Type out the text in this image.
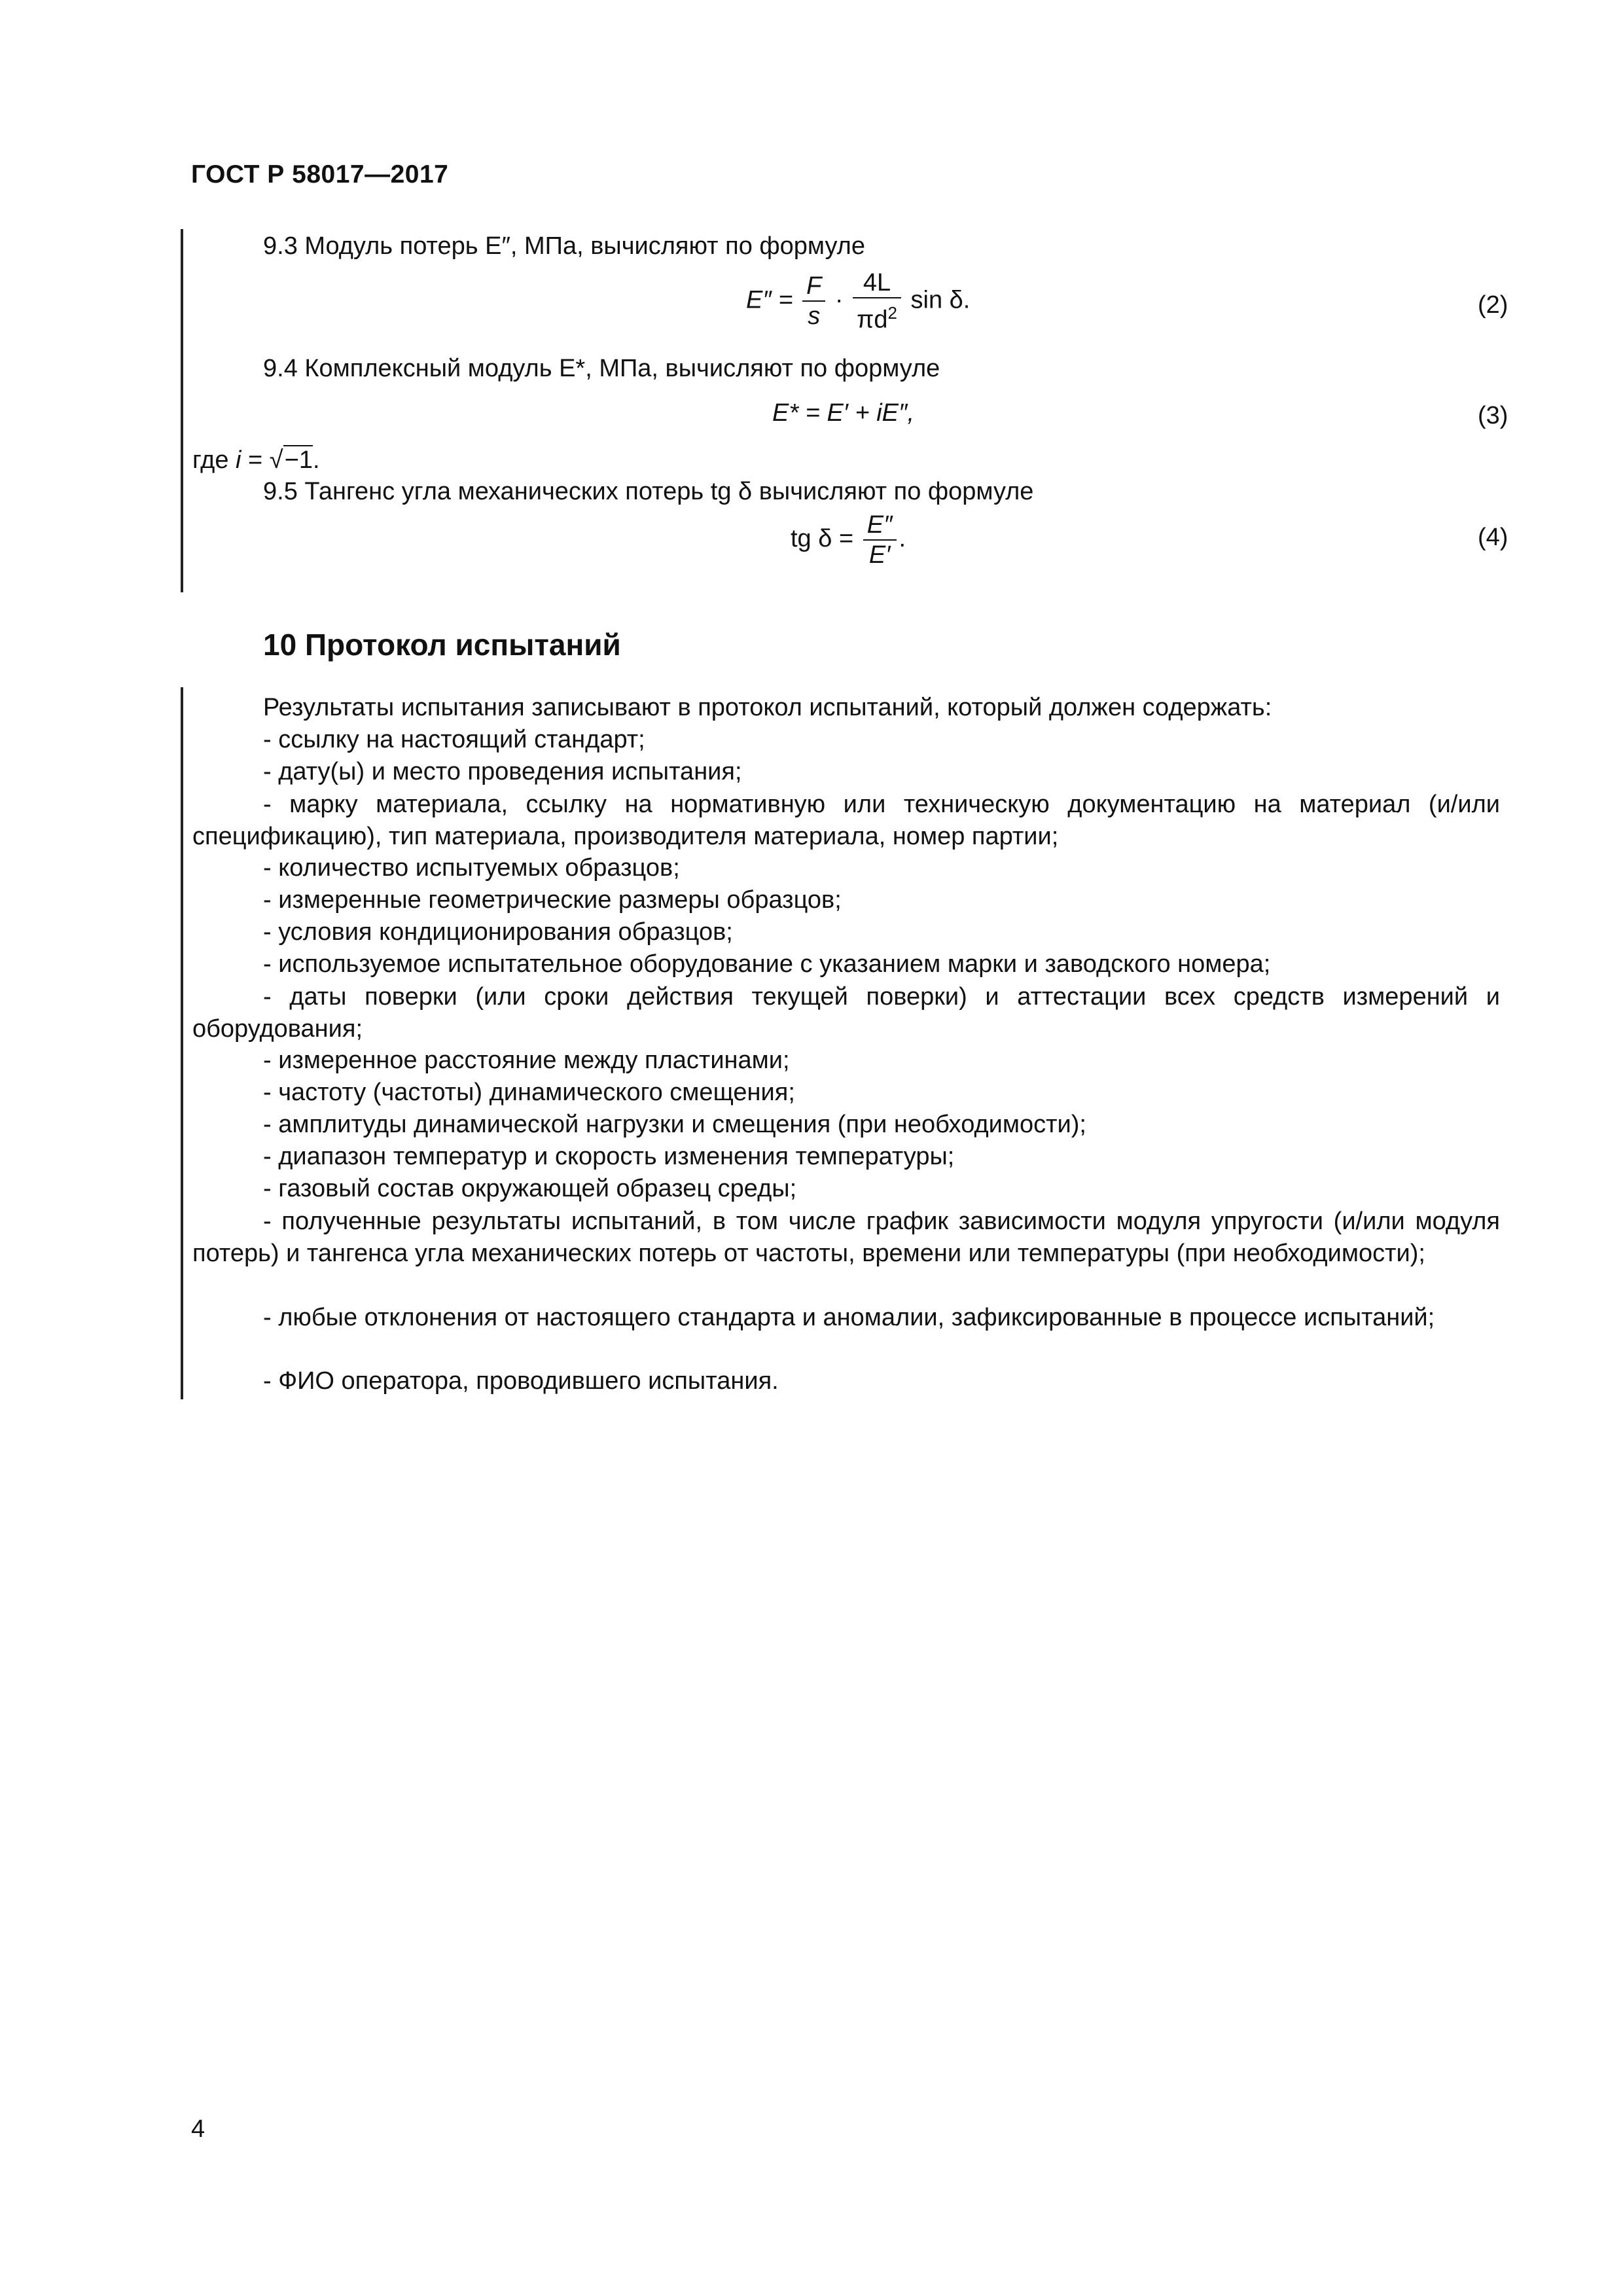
ГОСТ Р 58017—2017
9.3 Модуль потерь E″, МПа, вычисляют по формуле
$E'' = \frac{F}{s} \cdot \frac{4L}{\pi d^2}$ sin δ.	(2)
9.4 Комплексный модуль E*, МПа, вычисляют по формуле
E* = E′ + iE″,	(3)
где i = √−1.
9.5 Тангенс угла механических потерь tg δ вычисляют по формуле
tg $\delta = \frac{E''}{E'}$ .	(4)
10 Протокол испытаний
Результаты испытания записывают в протокол испытаний, который должен содержать:
- ссылку на настоящий стандарт;
- дату(ы) и место проведения испытания;
- марку материала, ссылку на нормативную или техническую документацию на материал (и/или спецификацию), тип материала, производителя материала, номер партии;
- количество испытуемых образцов;
- измеренные геометрические размеры образцов;
- условия кондиционирования образцов;
- используемое испытательное оборудование с указанием марки и заводского номера;
- даты поверки (или сроки действия текущей поверки) и аттестации всех средств измерений и оборудования;
- измеренное расстояние между пластинами;
- частоту (частоты) динамического смещения;
- амплитуды динамической нагрузки и смещения (при необходимости);
- диапазон температур и скорость изменения температуры;
- газовый состав окружающей образец среды;
- полученные результаты испытаний, в том числе график зависимости модуля упругости (и/или модуля потерь) и тангенса угла механических потерь от частоты, времени или температуры (при необходимости);
- любые отклонения от настоящего стандарта и аномалии, зафиксированные в процессе испытаний;
- ФИО оператора, проводившего испытания.
4
